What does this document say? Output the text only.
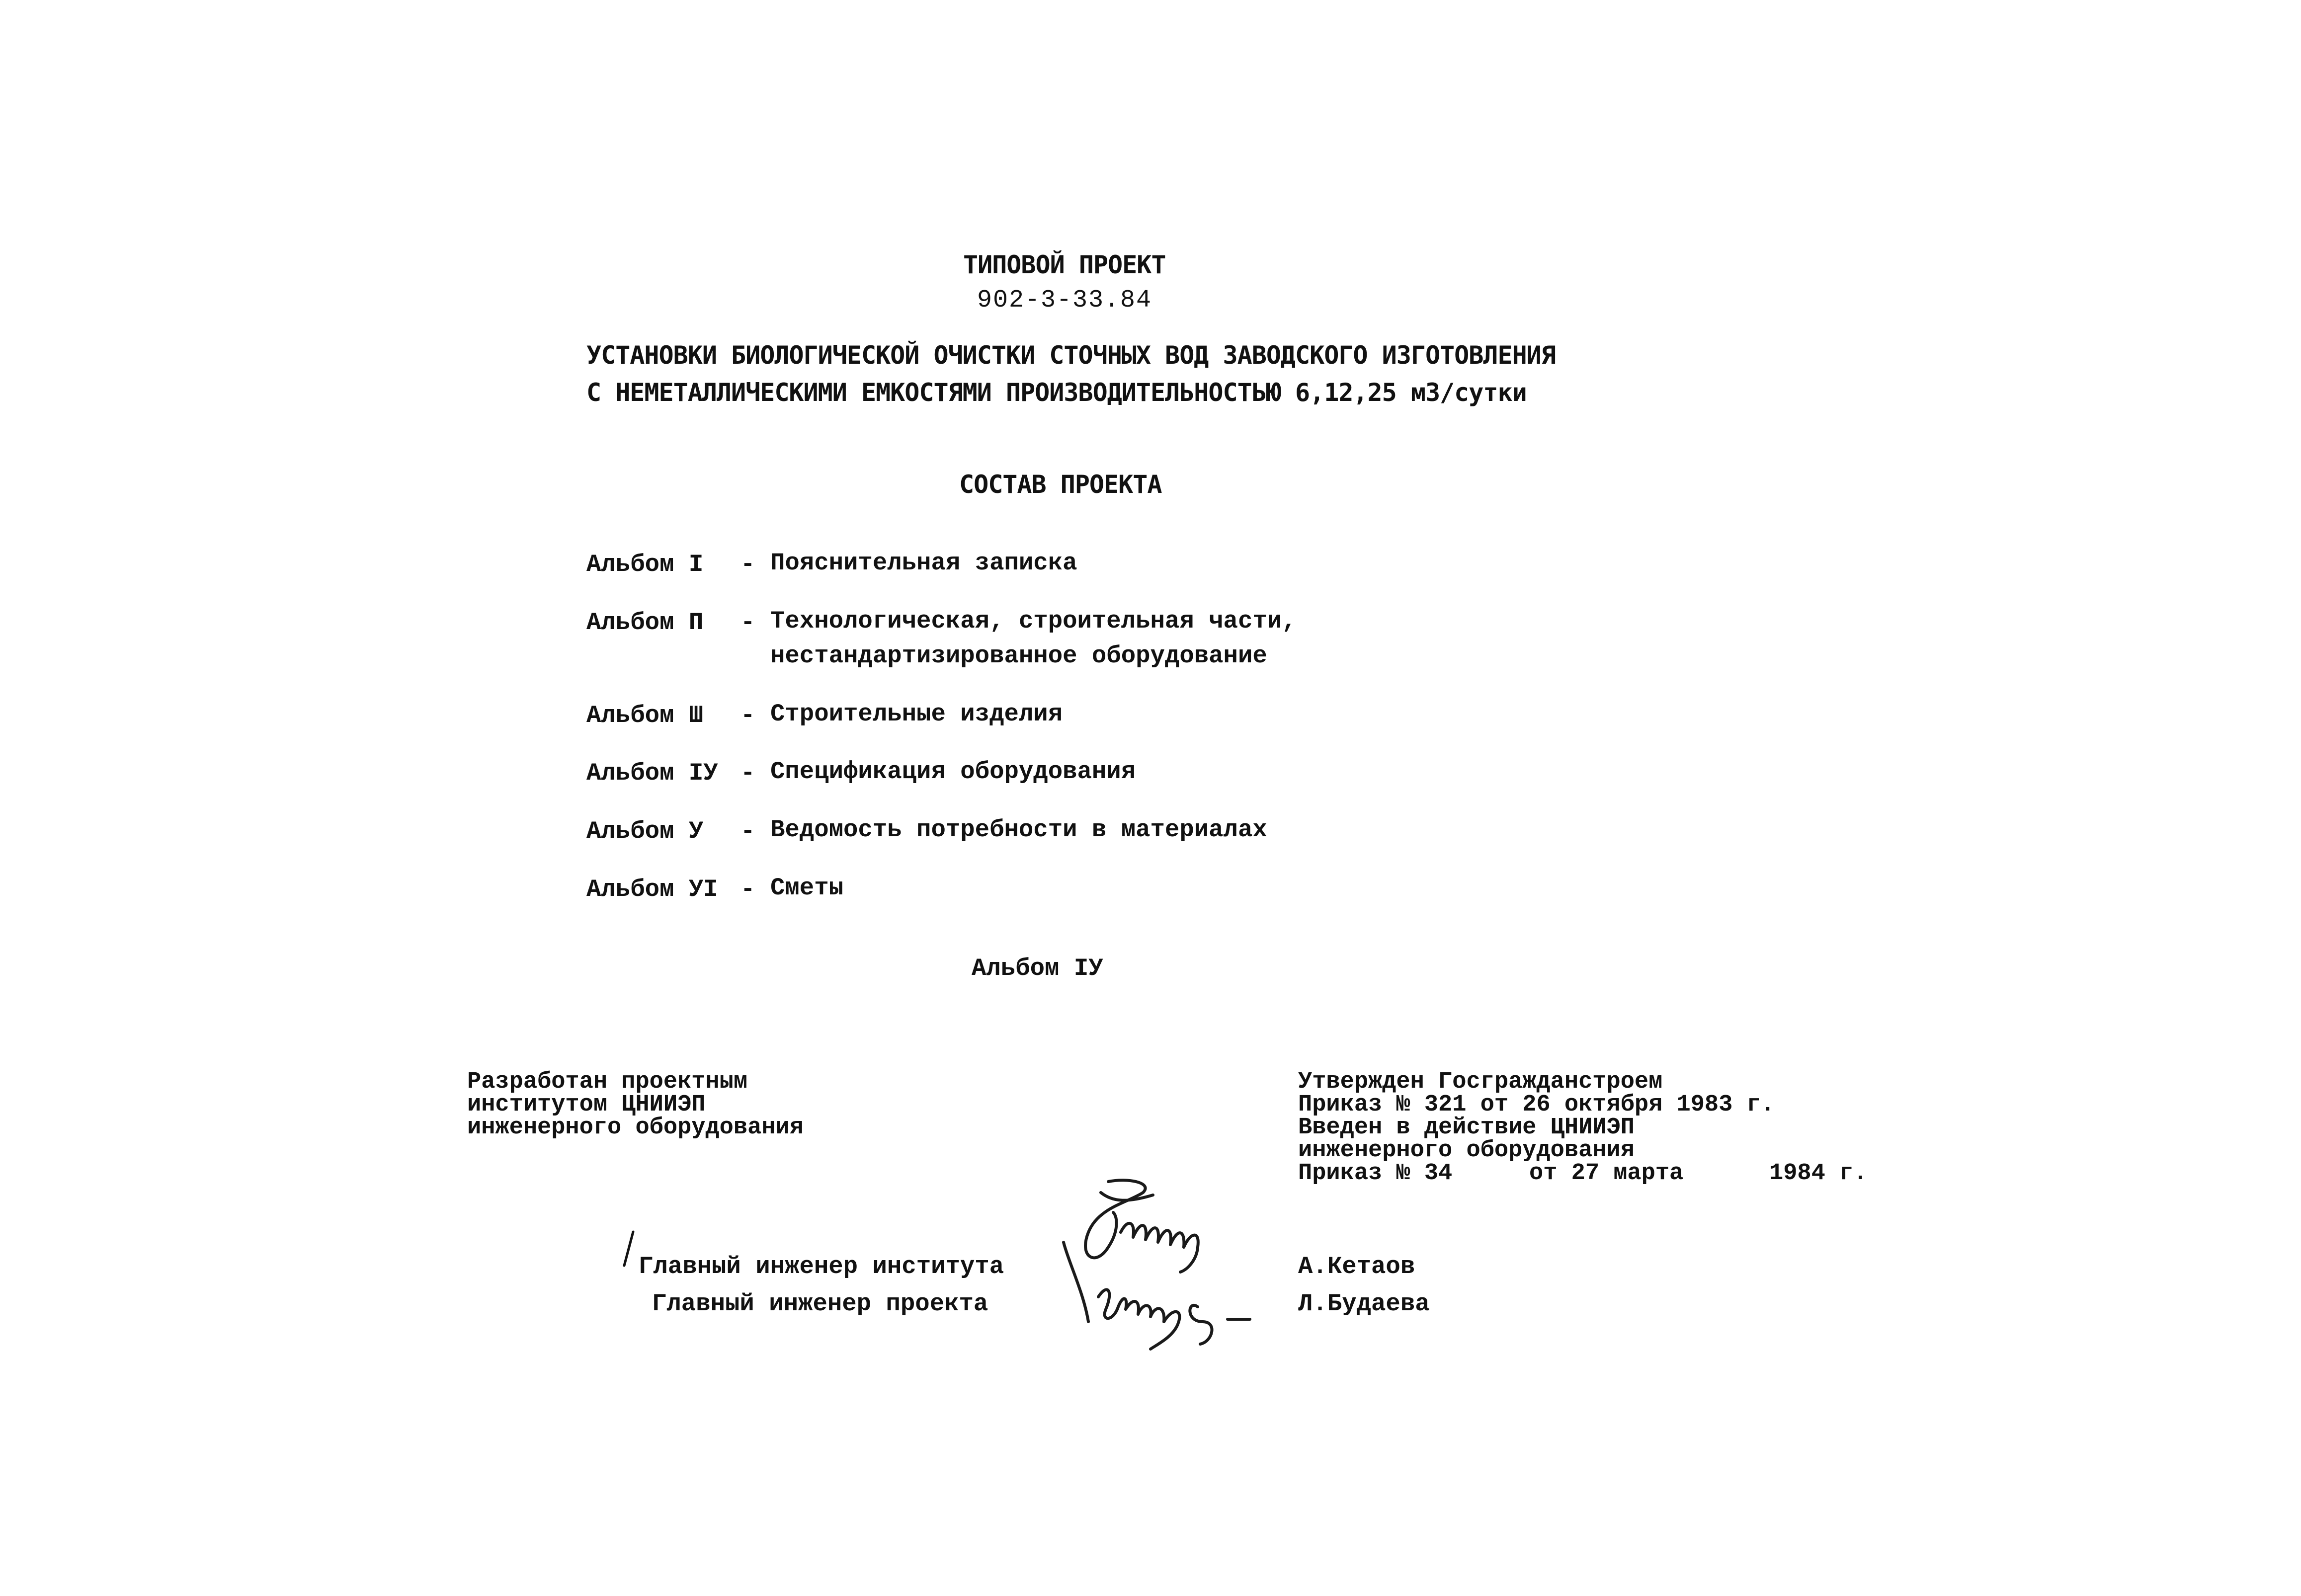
ТИПОВОЙ ПРОЕКТ
902-3-33.84
УСТАНОВКИ БИОЛОГИЧЕСКОЙ ОЧИСТКИ СТОЧНЫХ ВОД ЗАВОДСКОГО ИЗГОТОВЛЕНИЯ
С НЕМЕТАЛЛИЧЕСКИМИ ЕМКОСТЯМИ ПРОИЗВОДИТЕЛЬНОСТЬЮ 6,12,25 м3/сутки
СОСТАВ ПРОЕКТА
Альбом I - Пояснительная записка
Альбом П - Технологическая, строительная части,
нестандартизированное оборудование
Альбом Ш - Строительные изделия
Альбом IУ - Спецификация оборудования
Альбом У - Ведомость потребности в материалах
Альбом УI - Сметы
Альбом IУ
Разработан проектным
институтом ЦНИИЭП
инженерного оборудования
Утвержден Госгражданстроем
Приказ № 321 от 26 октября 1983 г.
Введен в действие ЦНИИЭП
инженерного оборудования
Приказ № 34	от 27 марта	1984 г.
Главный инженер института
Главный инженер проекта
А.Кетаов
Л.Будаева
